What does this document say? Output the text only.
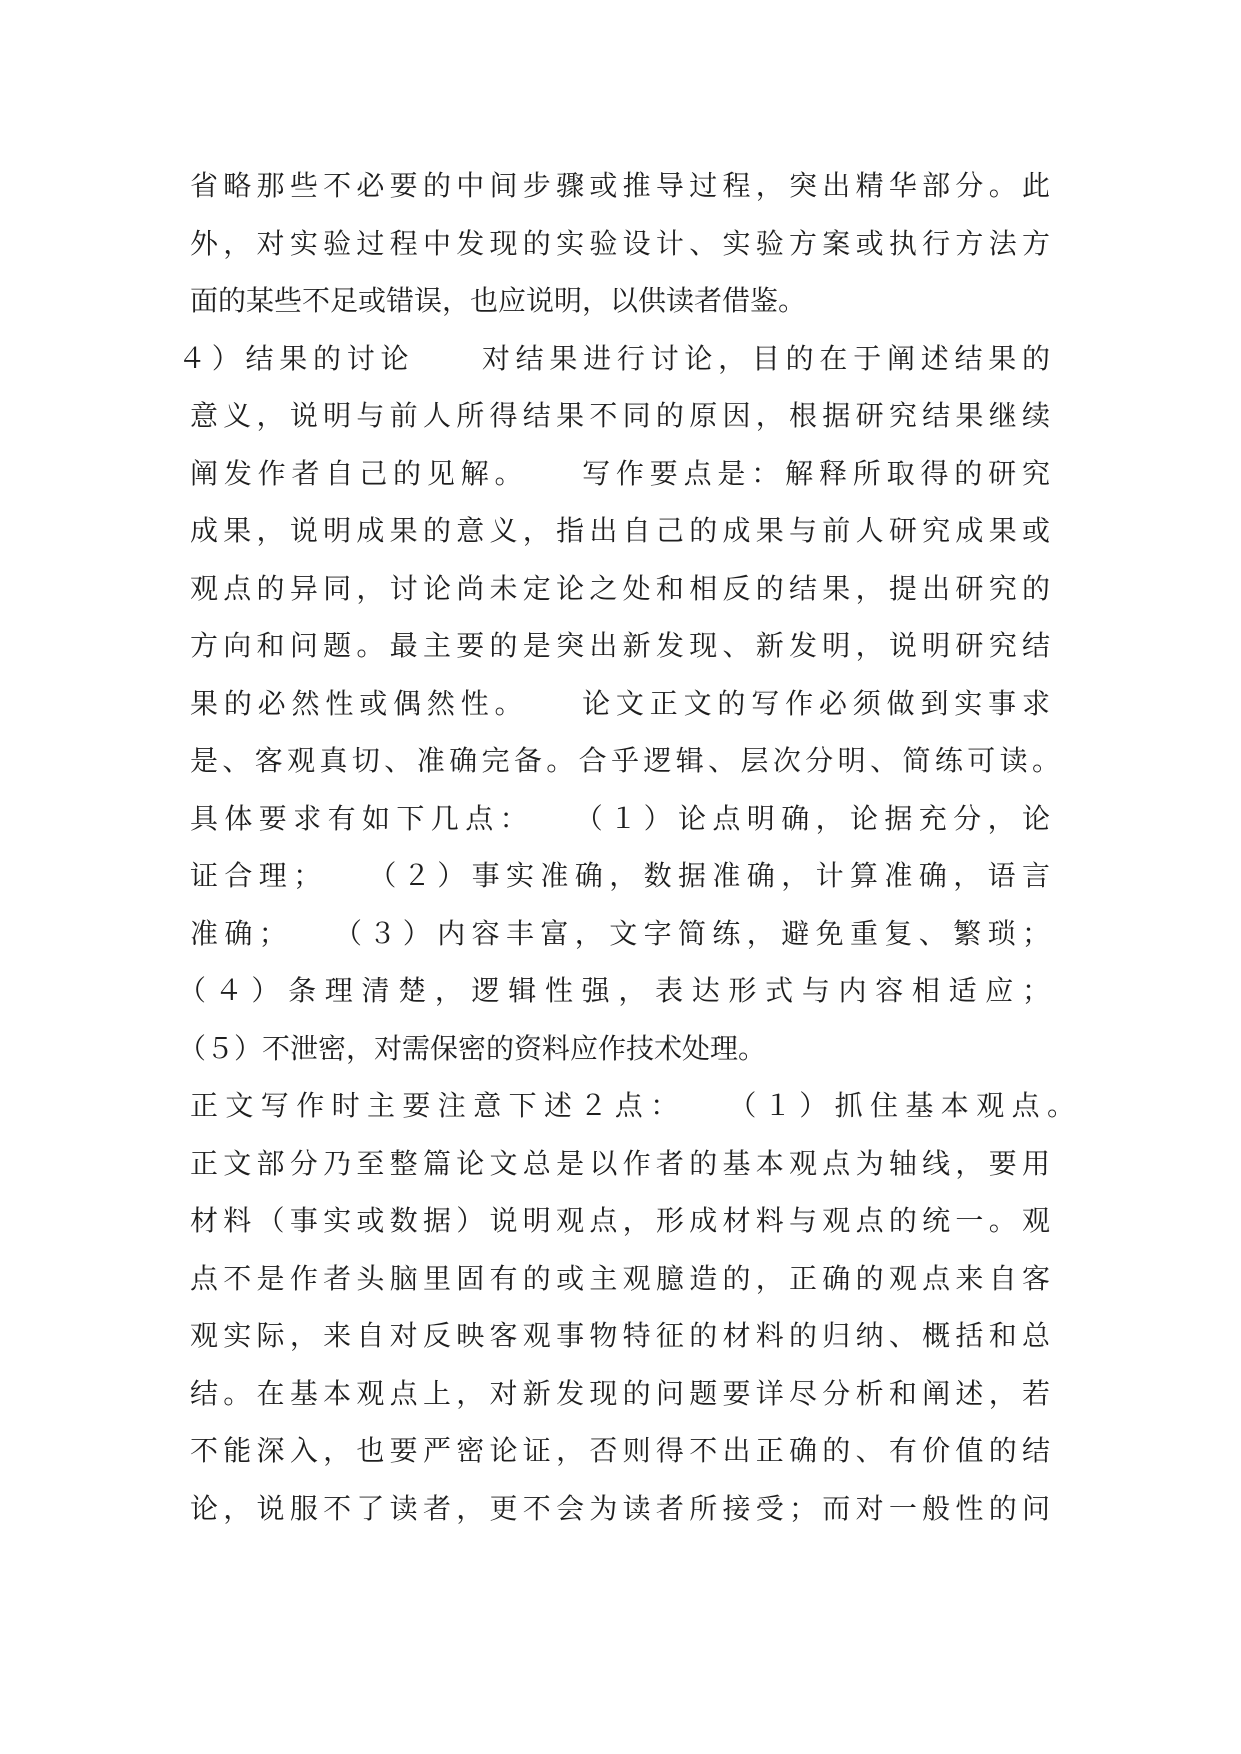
省略那些不必要的中间步骤或推导过程，突出精华部分。此
外，对实验过程中发现的实验设计、实验方案或执行方法方
面的某些不足或错误，也应说明，以供读者借鉴。
４）结果的讨论　　对结果进行讨论，目的在于阐述结果的
意义，说明与前人所得结果不同的原因，根据研究结果继续
阐发作者自己的见解。　　写作要点是：解释所取得的研究
成果，说明成果的意义，指出自己的成果与前人研究成果或
观点的异同，讨论尚未定论之处和相反的结果，提出研究的
方向和问题。最主要的是突出新发现、新发明，说明研究结
果的必然性或偶然性。　　论文正文的写作必须做到实事求
是、客观真切、准确完备。合乎逻辑、层次分明、简练可读。
具体要求有如下几点：　　（１）论点明确，论据充分，论
证合理；　　（２）事实准确，数据准确，计算准确，语言
准确；　　（３）内容丰富，文字简练，避免重复、繁琐；
（４）条理清楚，逻辑性强，表达形式与内容相适应；
（５）不泄密，对需保密的资料应作技术处理。
正文写作时主要注意下述２点：　　（１）抓住基本观点。
正文部分乃至整篇论文总是以作者的基本观点为轴线，要用
材料（事实或数据）说明观点，形成材料与观点的统一。观
点不是作者头脑里固有的或主观臆造的，正确的观点来自客
观实际，来自对反映客观事物特征的材料的归纳、概括和总
结。在基本观点上，对新发现的问题要详尽分析和阐述，若
不能深入，也要严密论证，否则得不出正确的、有价值的结
论，说服不了读者，更不会为读者所接受；而对一般性的问
